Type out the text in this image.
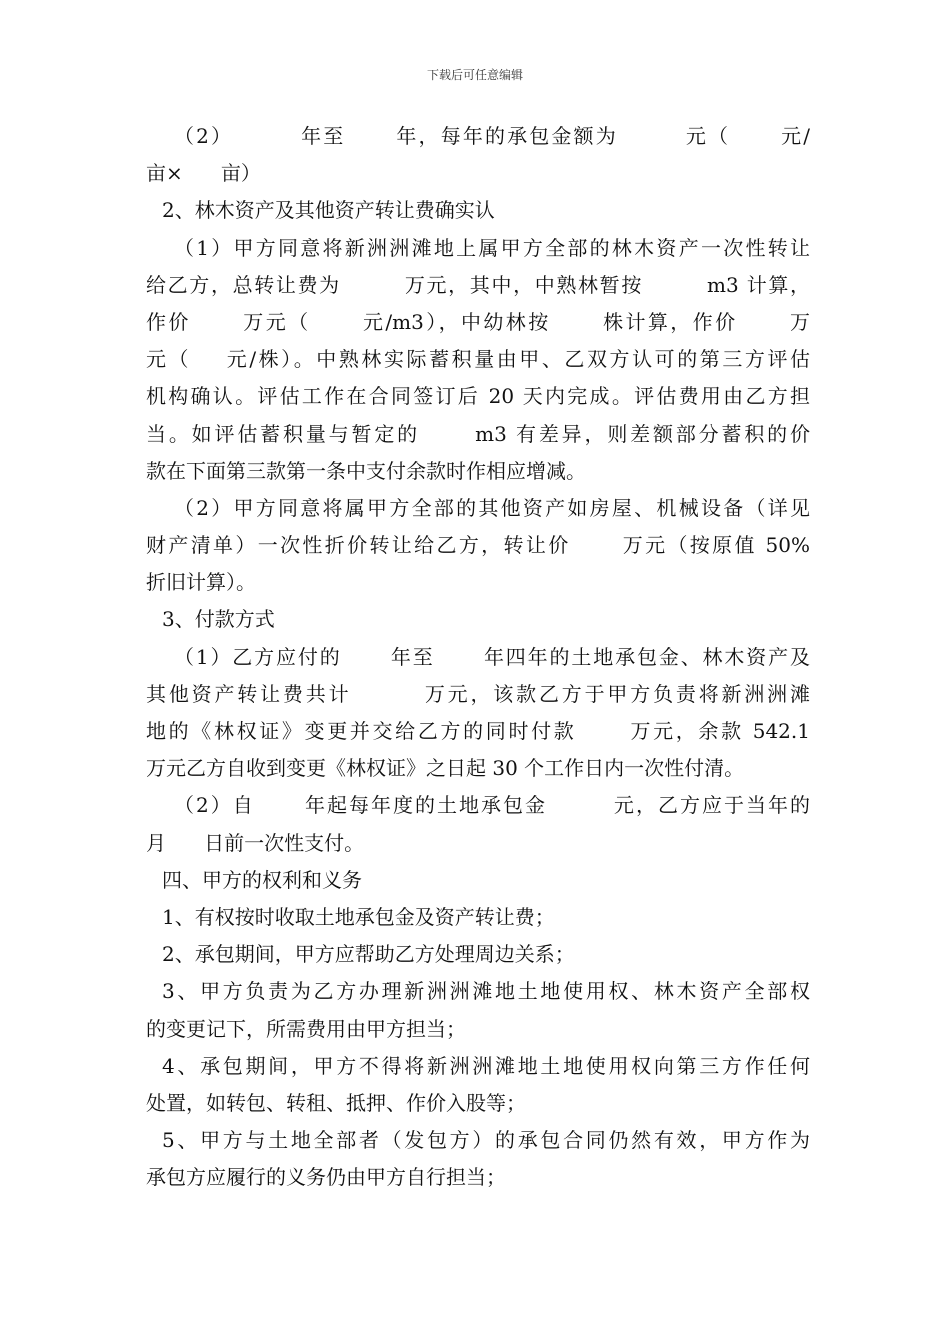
下载后可任意编辑
（2）        年至      年，每年的承包金额为        元（      元/
亩×      亩）
2、林木资产及其他资产转让费确实认
（1）甲方同意将新洲洲滩地上属甲方全部的林木资产一次性转让
给乙方，总转让费为        万元，其中，中熟林暂按        m3 计算，
作价      万元（      元/m3），中幼林按      株计算，作价      万
元（    元/株）。中熟林实际蓄积量由甲、乙双方认可的第三方评估
机构确认。评估工作在合同签订后 20 天内完成。评估费用由乙方担
当。如评估蓄积量与暂定的      m3 有差异，则差额部分蓄积的价
款在下面第三款第一条中支付余款时作相应增减。
（2）甲方同意将属甲方全部的其他资产如房屋、机械设备（详见
财产清单）一次性折价转让给乙方，转让价      万元（按原值 50%
折旧计算）。
3、付款方式
（1）乙方应付的      年至      年四年的土地承包金、林木资产及
其他资产转让费共计        万元，该款乙方于甲方负责将新洲洲滩
地的《林权证》变更并交给乙方的同时付款      万元，余款 542.1
万元乙方自收到变更《林权证》之日起 30 个工作日内一次性付清。
（2）自      年起每年度的土地承包金        元，乙方应于当年的
月      日前一次性支付。
四、甲方的权利和义务
1、有权按时收取土地承包金及资产转让费；
2、承包期间，甲方应帮助乙方处理周边关系；
3、甲方负责为乙方办理新洲洲滩地土地使用权、林木资产全部权
的变更记下，所需费用由甲方担当；
4、承包期间，甲方不得将新洲洲滩地土地使用权向第三方作任何
处置，如转包、转租、抵押、作价入股等；
5、甲方与土地全部者（发包方）的承包合同仍然有效，甲方作为
承包方应履行的义务仍由甲方自行担当；
